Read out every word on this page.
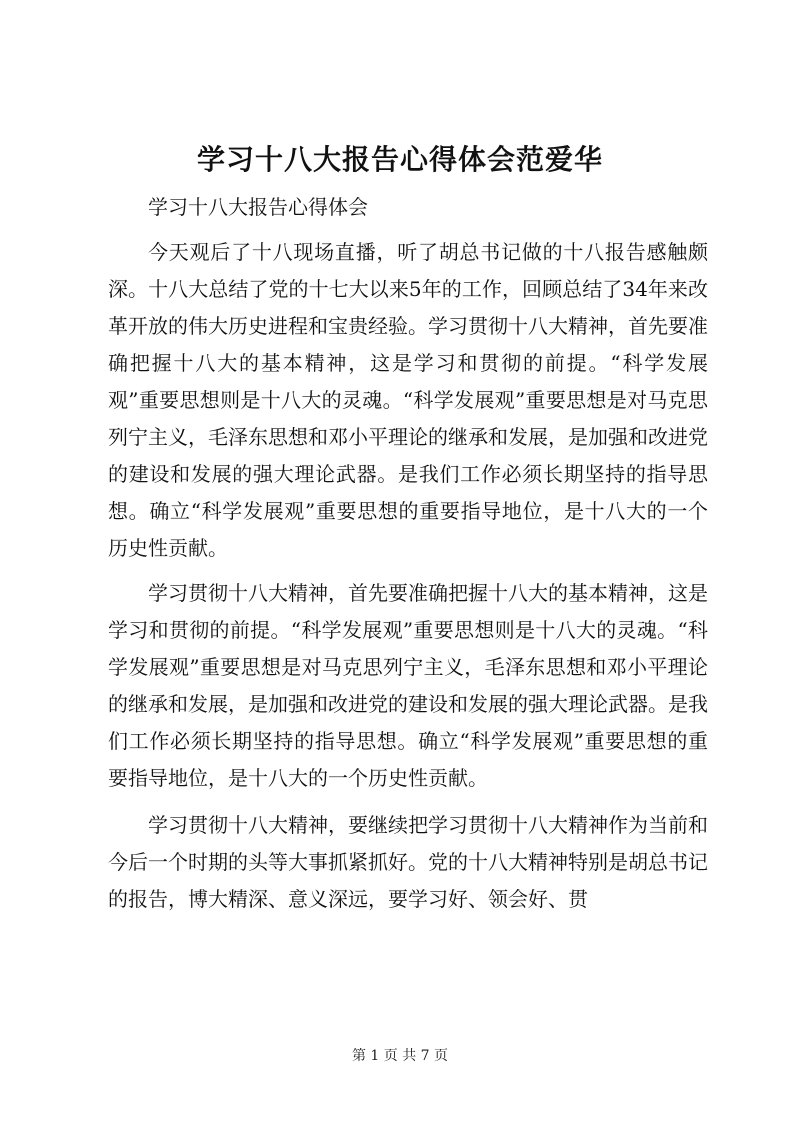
学习十八大报告心得体会范爱华

学习十八大报告心得体会

今天观后了十八现场直播，听了胡总书记做的十八报告感触颇深。十八大总结了党的十七大以来5年的工作，回顾总结了34年来改革开放的伟大历史进程和宝贵经验。学习贯彻十八大精神，首先要准确把握十八大的基本精神，这是学习和贯彻的前提。“科学发展观”重要思想则是十八大的灵魂。“科学发展观”重要思想是对马克思列宁主义，毛泽东思想和邓小平理论的继承和发展，是加强和改进党的建设和发展的强大理论武器。是我们工作必须长期坚持的指导思想。确立“科学发展观”重要思想的重要指导地位，是十八大的一个历史性贡献。

学习贯彻十八大精神，首先要准确把握十八大的基本精神，这是学习和贯彻的前提。“科学发展观”重要思想则是十八大的灵魂。“科学发展观”重要思想是对马克思列宁主义，毛泽东思想和邓小平理论的继承和发展，是加强和改进党的建设和发展的强大理论武器。是我们工作必须长期坚持的指导思想。确立“科学发展观”重要思想的重要指导地位，是十八大的一个历史性贡献。

学习贯彻十八大精神，要继续把学习贯彻十八大精神作为当前和今后一个时期的头等大事抓紧抓好。党的十八大精神特别是胡总书记的报告，博大精深、意义深远，要学习好、领会好、贯

第 1 页 共 7 页
